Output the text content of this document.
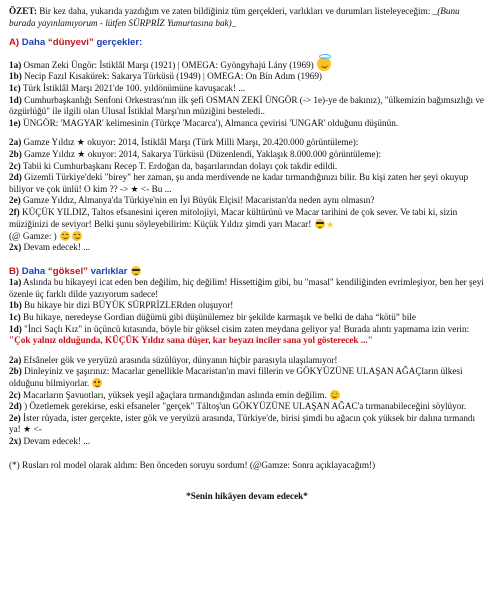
ÖZET: Bir kez daha, yukarıda yazdığım ve zaten bildiğiniz tüm gerçekleri, varlıkları ve durumları listeleyeceğim: _(Bunu burada yayınlamıyorum - lütfen SÜRPRİZ Yumurtasına bak)_

A) Daha “dünyevi” gerçekler:

1a) Osman Zeki Üngör: İstiklâl Marşı (1921) | OMEGA: Gyöngyhajú Lány (1969)

1b) Necip Fazıl Kısakürek: Sakarya Türküsü (1949) | OMEGA: On Bin Adım (1969)

1c) Türk İstiklâl Marşı 2021'de 100. yıldönümüne kavuşacak! ...

1d) Cumhurbaşkanlığı Senfoni Orkestrası'nın ilk şefi OSMAN ZEKİ ÜNGÖR (-> 1e)-ye de bakınız), "ülkemizin bağımsızlığı ve özgürlüğü" ile ilgili olan Ulusal İstiklal Marşı'nın müziğini besteledi..

1e) ÜNGÖR: 'MAGYAR' kelimesinin (Türkçe 'Macarca'), Almanca çevirisi 'UNGAR' olduğunu düşünün.

2a) Gamze Yıldız ★ okuyor: 2014, İstiklâl Marşı (Türk Milli Marşı, 20.420.000 görüntüleme):

2b) Gamze Yıldız ★ okuyor: 2014, Sakarya Türküsü (Düzenlendi, Yaklaşık 8.000.000 görüntüleme):

2c) Tabii ki Cumhurbaşkanı Recep T. Erdoğan da, başarılarından dolayı çok takdir edildi.

2d) Gizemli Türkiye'deki "birey" her zaman, şu anda merdivende ne kadar tırmandığınızı bilir. Bu kişi zaten her şeyi okuyup biliyor ve çok ünlü! O kim ?? -> ★ <- Bu ...

2e) Gamze Yıldız, Almanya'da Türkiye'nin en İyi Büyük Elçisi! Macaristan'da neden aynı olmasın?

2f) KÜÇÜK YILDIZ, Taltos efsanesini içeren mitolojiyi, Macar kültürünü ve Macar tarihini de çok sever. Ve tabi ki, sizin müziğinizi de seviyor! Belki şunu söyleyebilirim: Küçük Yıldız şimdi yarı Macar! ★

(@ Gamze: )

2x) Devam edecek! ...

B) Daha “göksel” varlıklar

1a) Aslında bu hikayeyi icat eden ben değilim, hiç değilim! Hissettiğim gibi, bu "masal" kendiliğinden evrimleşiyor, ben her şeyi özenle üç farklı dilde yazıyorum sadece!

1b) Bu hikaye bir dizi BÜYÜK SÜRPRİZLERden oluşuyor!

1c) Bu hikaye, neredeyse Gordian düğümü gibi düşünülemez bir şekilde karmaşık ve belki de daha “kötü” bile

1d) "İnci Saçlı Kız" in üçüncü kıtasında, böyle bir göksel cisim zaten meydana geliyor ya! Burada alıntı yapmama izin verin: "Çok yalnız olduğunda, KÜÇÜK Yıldız sana düşer, kar beyazı inciler sana yol gösterecek ..."

2a) Efsâneler gök ve yeryüzü arasında süzülüyor, dünyanın hiçbir parasıyla ulaşılamıyor!

2b) Dinleyiniz ve şaşırınız: Macarlar genellikle Macaristan'ın mavi fillerin ve GÖKYÜZÜNE ULAŞAN AĞAÇların ülkesi olduğunu bilmiyorlar.

2c) Macarların Şavuotları, yüksek yeşil ağaçlara tırmandığından aslında emin değilim.

2d) ) Özetlemek gerekirse, eski efsaneler "gerçek" Táltoş'un GÖKYÜZÜNE ULAŞAN AĞAC'a tırmanabileceğini söylüyor.

2e) İster rüyada, ister gerçekte, ister gök ve yeryüzü arasında, Türkiye'de, birisi şimdi bu ağacın çok yüksek bir dalına tırmandı ya! ★ <-

2x) Devam edecek! ...

(*) Rusları rol model olarak aldım: Ben önceden soruyu sordum! (@Gamze: Sonra açıklayacağım!)

*Senin hikâyen devam edecek*
